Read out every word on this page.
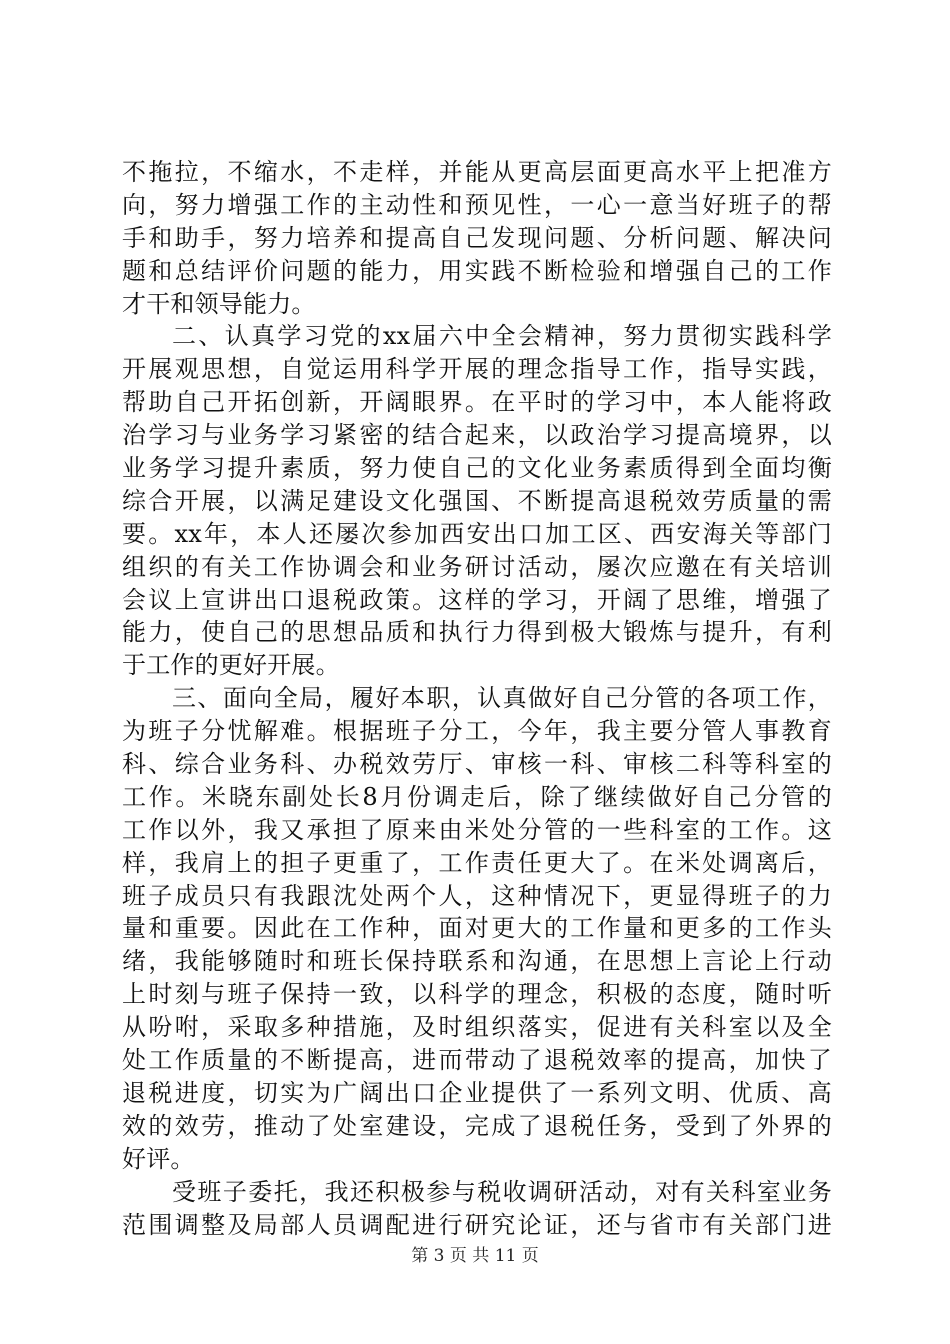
不拖拉，不缩水，不走样，并能从更高层面更高水平上把准方
向，努力增强工作的主动性和预见性，一心一意当好班子的帮
手和助手，努力培养和提高自己发现问题、分析问题、解决问
题和总结评价问题的能力，用实践不断检验和增强自己的工作
才干和领导能力。
二、认真学习党的xx届六中全会精神，努力贯彻实践科学
开展观思想，自觉运用科学开展的理念指导工作，指导实践，
帮助自己开拓创新，开阔眼界。在平时的学习中，本人能将政
治学习与业务学习紧密的结合起来，以政治学习提高境界，以
业务学习提升素质，努力使自己的文化业务素质得到全面均衡
综合开展，以满足建设文化强国、不断提高退税效劳质量的需
要。xx年，本人还屡次参加西安出口加工区、西安海关等部门
组织的有关工作协调会和业务研讨活动，屡次应邀在有关培训
会议上宣讲出口退税政策。这样的学习，开阔了思维，增强了
能力，使自己的思想品质和执行力得到极大锻炼与提升，有利
于工作的更好开展。
三、面向全局，履好本职，认真做好自己分管的各项工作，
为班子分忧解难。根据班子分工，今年，我主要分管人事教育
科、综合业务科、办税效劳厅、审核一科、审核二科等科室的
工作。米晓东副处长8月份调走后，除了继续做好自己分管的
工作以外，我又承担了原来由米处分管的一些科室的工作。这
样，我肩上的担子更重了，工作责任更大了。在米处调离后，
班子成员只有我跟沈处两个人，这种情况下，更显得班子的力
量和重要。因此在工作种，面对更大的工作量和更多的工作头
绪，我能够随时和班长保持联系和沟通，在思想上言论上行动
上时刻与班子保持一致，以科学的理念，积极的态度，随时听
从吩咐，采取多种措施，及时组织落实，促进有关科室以及全
处工作质量的不断提高，进而带动了退税效率的提高，加快了
退税进度，切实为广阔出口企业提供了一系列文明、优质、高
效的效劳，推动了处室建设，完成了退税任务，受到了外界的
好评。
受班子委托，我还积极参与税收调研活动，对有关科室业务
范围调整及局部人员调配进行研究论证，还与省市有关部门进
第 3 页 共 11 页
